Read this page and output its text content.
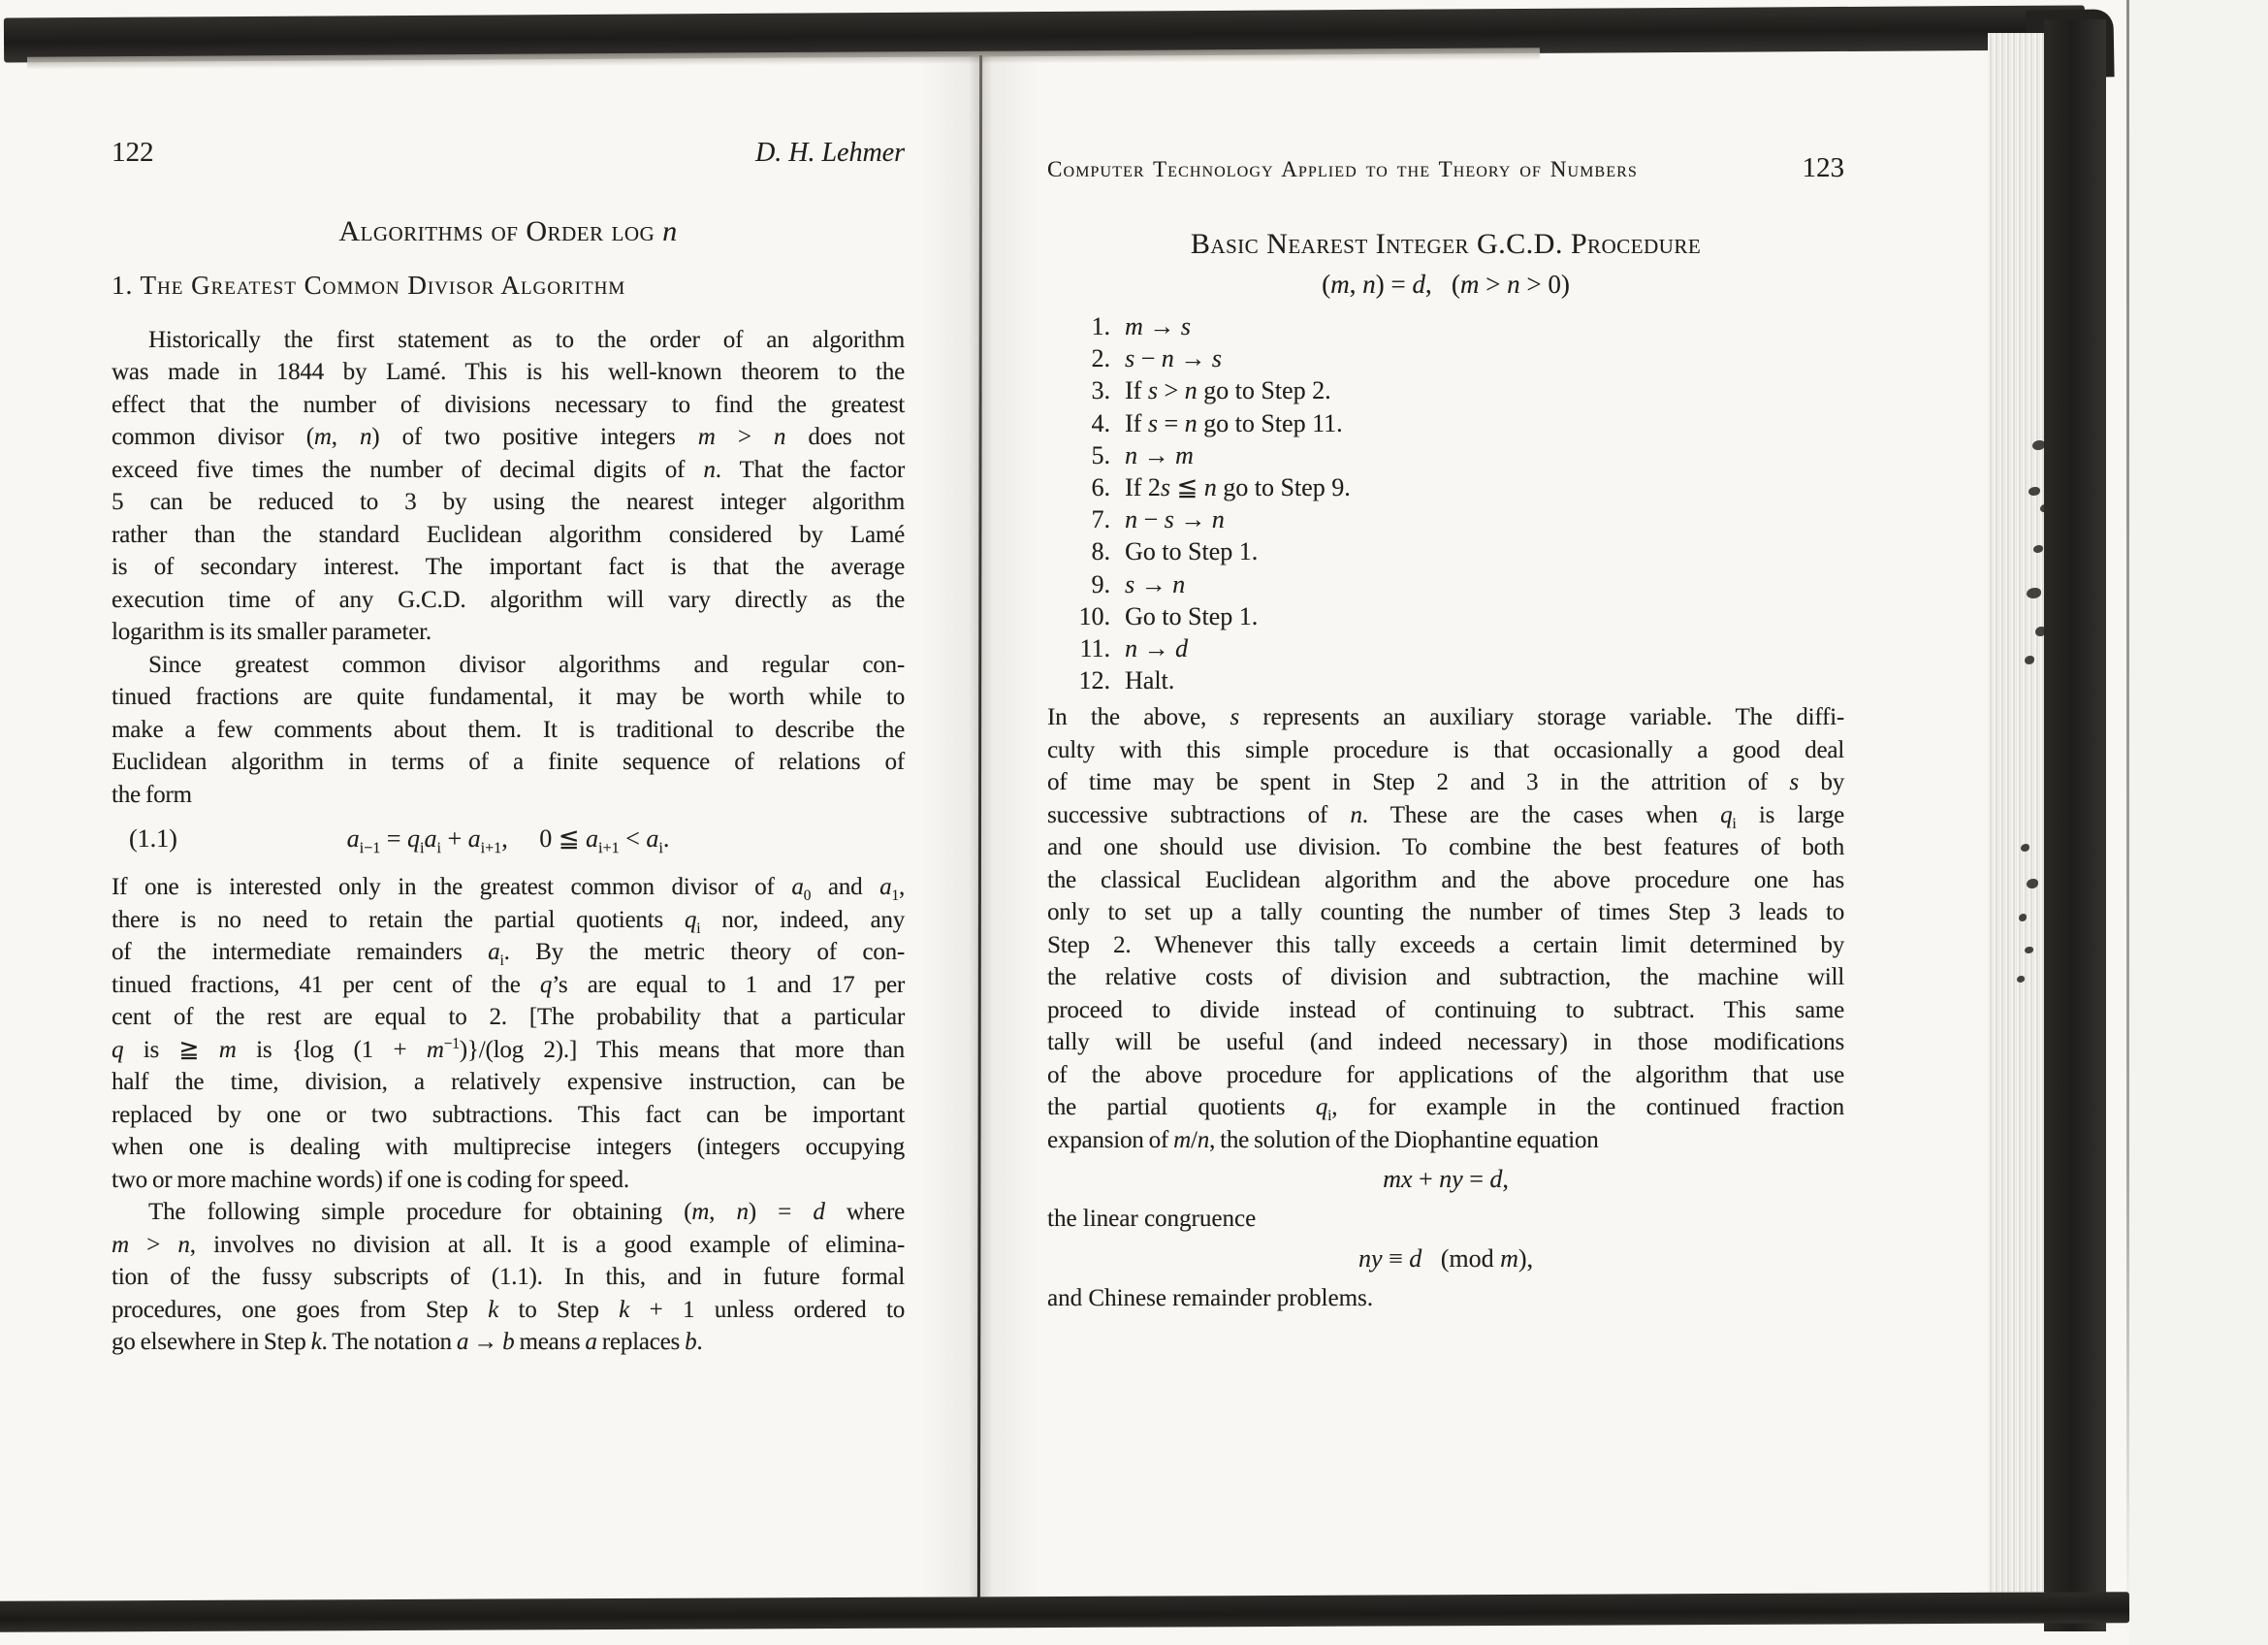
122	D. H. Lehmer
Algorithms of Order log n
1. The Greatest Common Divisor Algorithm
Historically the first statement as to the order of an algorithm
was made in 1844 by Lamé. This is his well-known theorem to the
effect that the number of divisions necessary to find the greatest
common divisor (m, n) of two positive integers m > n does not
exceed five times the number of decimal digits of n. That the factor
5 can be reduced to 3 by using the nearest integer algorithm
rather than the standard Euclidean algorithm considered by Lamé
is of secondary interest. The important fact is that the average
execution time of any G.C.D. algorithm will vary directly as the
logarithm is its smaller parameter.
Since greatest common divisor algorithms and regular con-
tinued fractions are quite fundamental, it may be worth while to
make a few comments about them. It is traditional to describe the
Euclidean algorithm in terms of a finite sequence of relations of
the form
(1.1)	$a_{i-1} = q_ia_i + a_{i+1}$,  0 ≦ $a_{i+1} < a_i$.
If one is interested only in the greatest common divisor of $a_0$ and $a_1$,
there is no need to retain the partial quotients $q_i$ nor, indeed, any
of the intermediate remainders $a_i$. By the metric theory of con-
tinued fractions, 41 per cent of the q’s are equal to 1 and 17 per
cent of the rest are equal to 2. [The probability that a particular
q is ≧ m is {log $(1 + m^{-1})\}/(\log$ 2).] This means that more than
half the time, division, a relatively expensive instruction, can be
replaced by one or two subtractions. This fact can be important
when one is dealing with multiprecise integers (integers occupying
two or more machine words) if one is coding for speed.
The following simple procedure for obtaining (m, n) = d where
m > n, involves no division at all. It is a good example of elimina-
tion of the fussy subscripts of (1.1). In this, and in future formal
procedures, one goes from Step k to Step k + 1 unless ordered to
go elsewhere in Step k. The notation a → b means a replaces b.
Computer Technology Applied to the Theory of Numbers	123
Basic Nearest Integer G.C.D. Procedure
(m, n) = d,  (m > n > 0)
1. m → s
2. s − n → s
3. If s > n go to Step 2.
4. If s = n go to Step 11.
5. n → m
6. If 2s ≦ n go to Step 9.
7. n − s → n
8. Go to Step 1.
9. s → n
10. Go to Step 1.
11. n → d
12. Halt.
In the above, s represents an auxiliary storage variable. The diffi-
culty with this simple procedure is that occasionally a good deal
of time may be spent in Step 2 and 3 in the attrition of s by
successive subtractions of n. These are the cases when $q_i$ is large
and one should use division. To combine the best features of both
the classical Euclidean algorithm and the above procedure one has
only to set up a tally counting the number of times Step 3 leads to
Step 2. Whenever this tally exceeds a certain limit determined by
the relative costs of division and subtraction, the machine will
proceed to divide instead of continuing to subtract. This same
tally will be useful (and indeed necessary) in those modifications
of the above procedure for applications of the algorithm that use
the partial quotients $q_i$, for example in the continued fraction
expansion of m/n, the solution of the Diophantine equation
mx + ny = d,
the linear congruence
ny ≡ d  (mod m),
and Chinese remainder problems.
